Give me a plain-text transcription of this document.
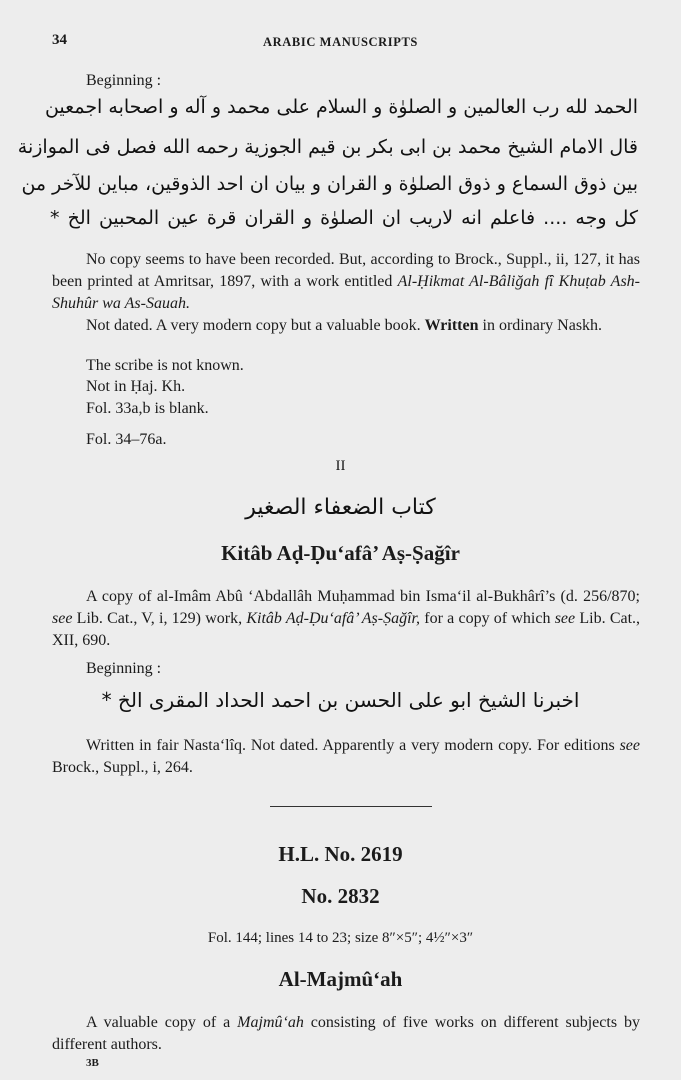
34	ARABIC MANUSCRIPTS
Beginning :
الحمد لله رب العالمين و الصلوٰة و السلام على محمد و آله و اصحابه اجمعين
قال الامام الشيخ محمد بن ابى بكر بن قيم الجوزية رحمه الله فصل فى الموازنة
بين ذوق السماع و ذوق الصلوٰة و القران و بيان ان احد الذوقين، مباين للآخر من
كل وجه .... فاعلم انه لاريب ان الصلوٰة و القران قرة عين المحبين الخ *
No copy seems to have been recorded. But, according to Brock., Suppl., ii, 127, it has been printed at Amritsar, 1897, with a work entitled Al-Ḥikmat Al-Bâliğah fî Khuṭab Ash-Shuhûr wa As-Sauah.
Not dated. A very modern copy but a valuable book. Written in ordinary Naskh.
The scribe is not known.
Not in Ḥaj. Kh.
Fol. 33a,b is blank.
Fol. 34–76a.
II
كتاب الضعفاء الصغير
Kitâb Aḍ-Ḍu‘afâ’ Aṣ-Ṣağîr
A copy of al-Imâm Abû ‘Abdallâh Muḥammad bin Isma‘il al-Bukhârî’s (d. 256/870; see Lib. Cat., V, i, 129) work, Kitâb Aḍ-Ḍu‘afâ’ Aṣ-Ṣağîr, for a copy of which see Lib. Cat., XII, 690.
Beginning :
اخبرنا الشيخ ابو على الحسن بن احمد الحداد المقرى الخ *
Written in fair Nasta‘lîq. Not dated. Apparently a very modern copy. For editions see Brock., Suppl., i, 264.
H.L. No. 2619
No. 2832
Fol. 144; lines 14 to 23; size 8″×5″; 4½″×3″
Al-Majmû‘ah
A valuable copy of a Majmû‘ah consisting of five works on different subjects by different authors.
3B
